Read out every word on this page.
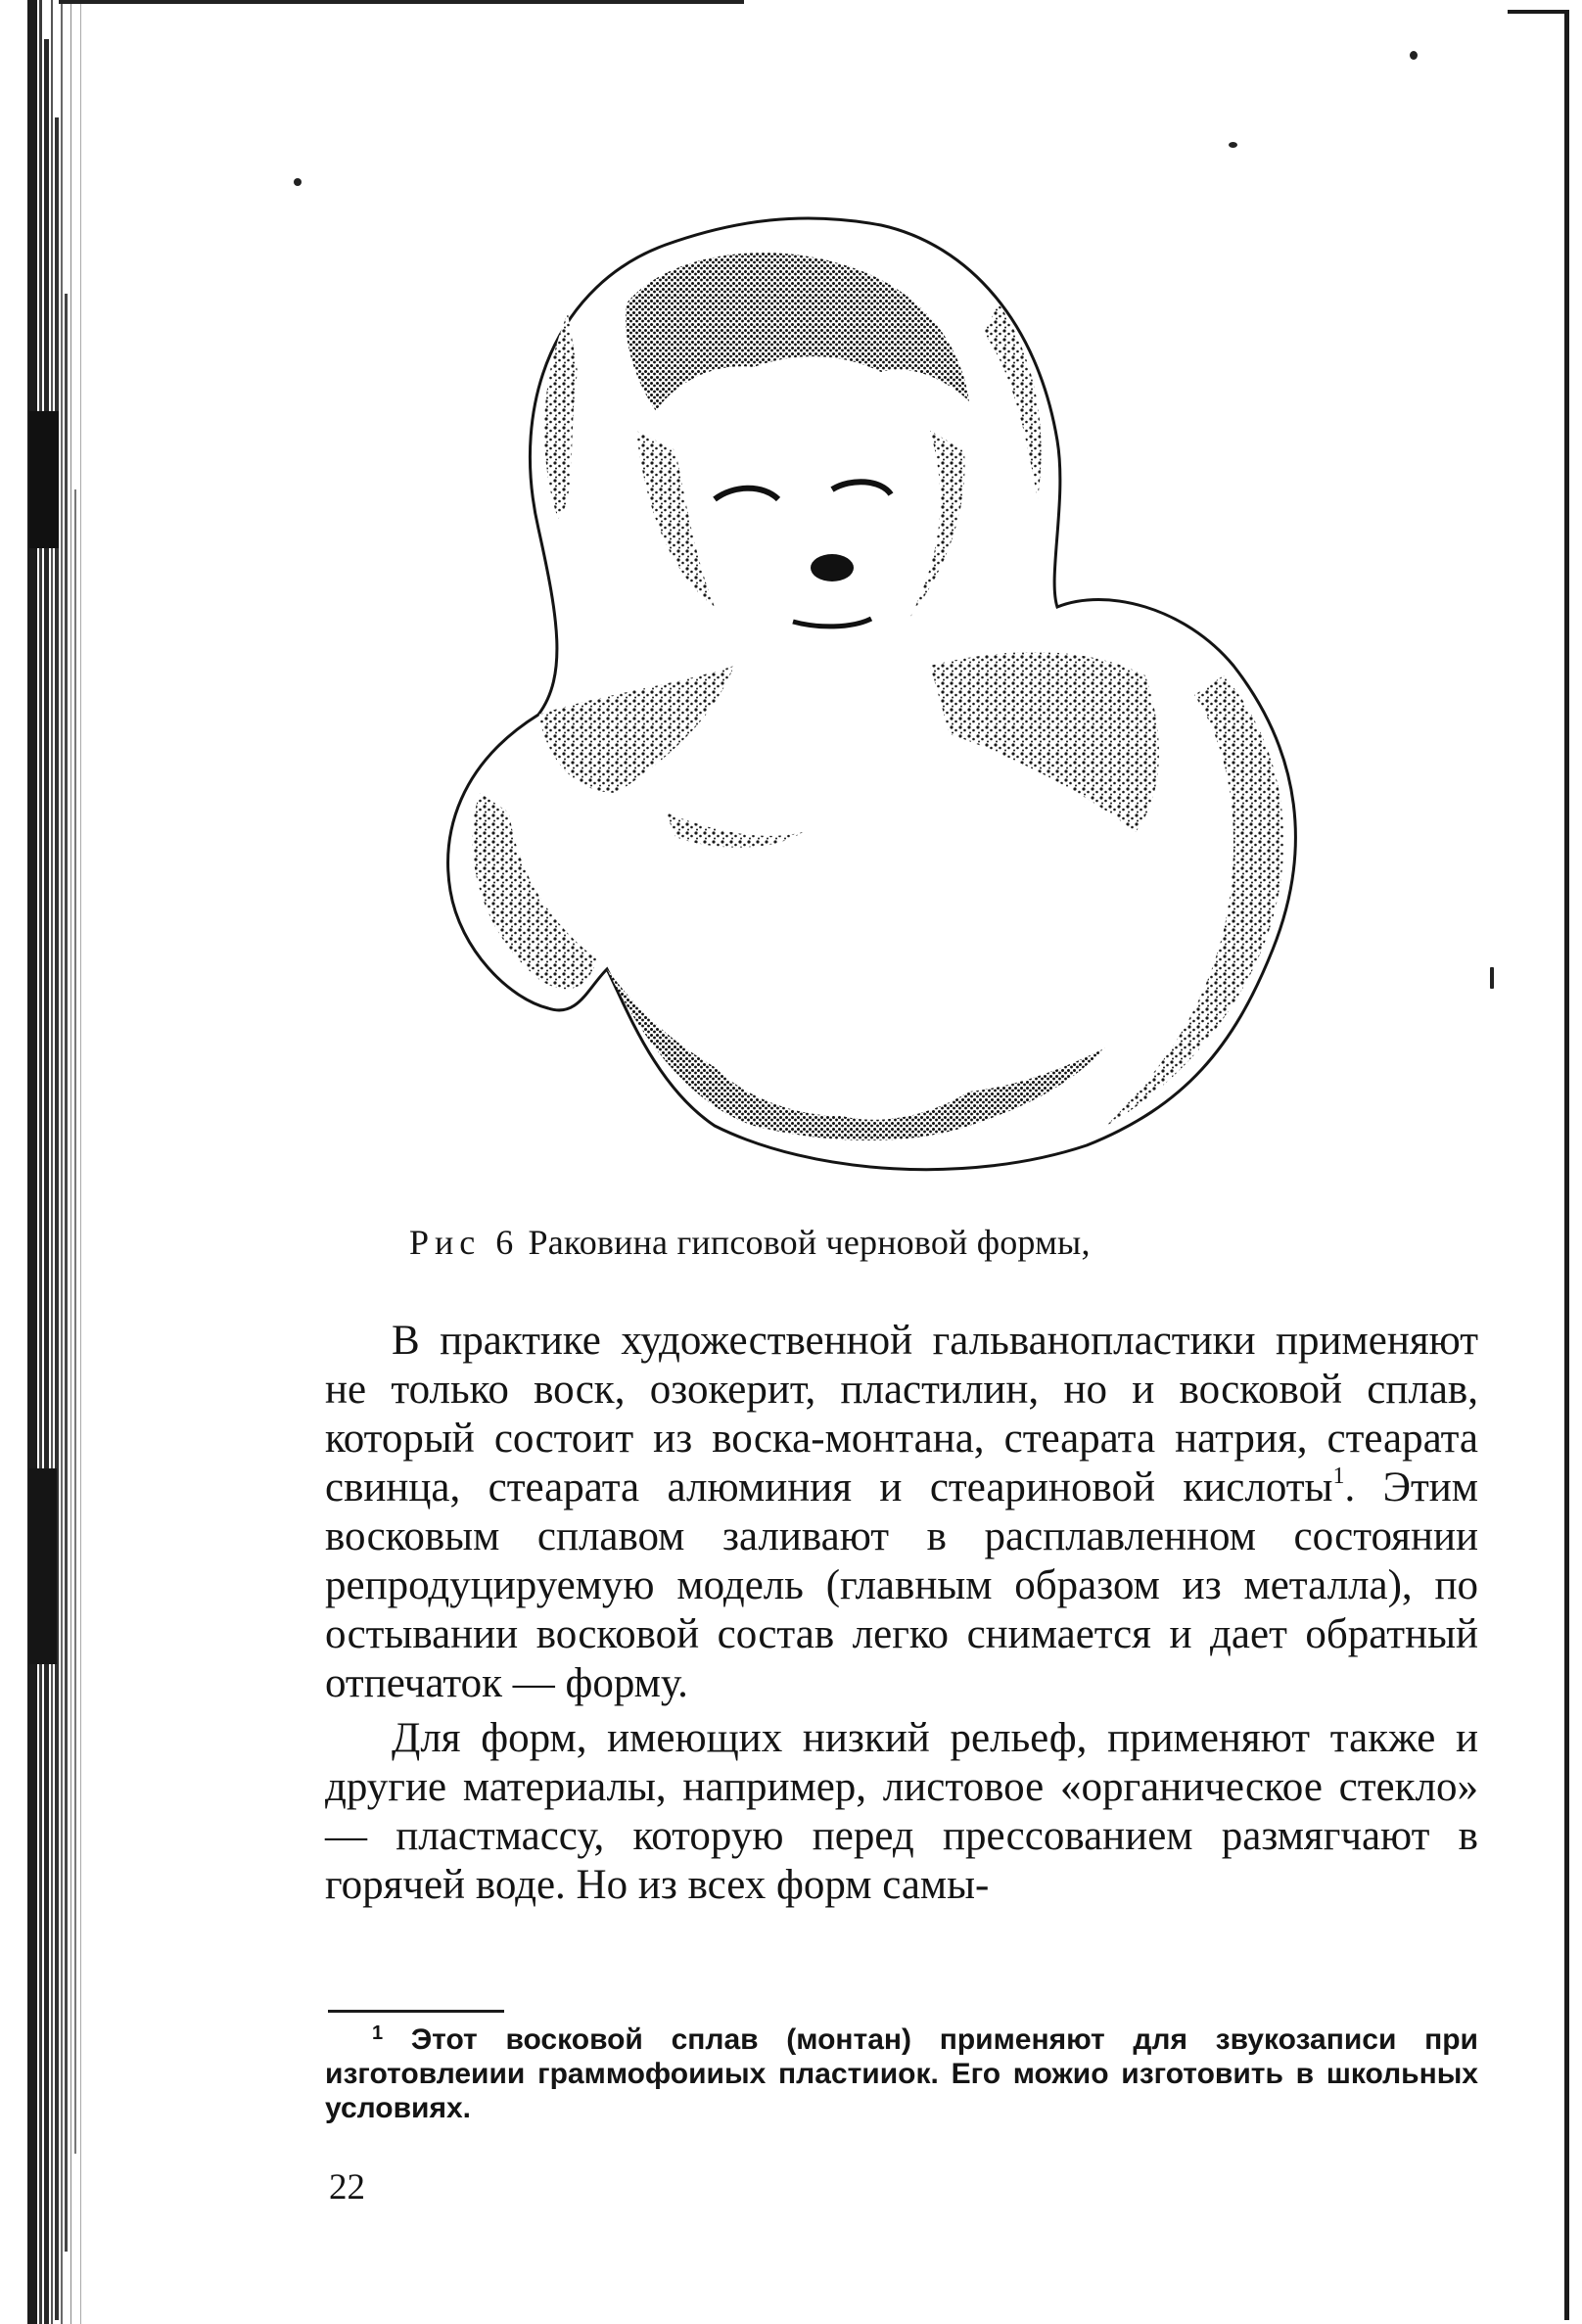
Рис 6 Раковина гипсовой черновой формы,

В практике художественной гальванопластики применяют не только воск, озокерит, пластилин, но и восковой сплав, который состоит из воска-монтана, стеарата натрия, стеарата свинца, стеарата алюминия и стеариновой кислоты$^1$. Этим восковым сплавом заливают в расплавленном состоянии репродуцируемую модель (главным образом из металла), по остывании восковой состав легко снимается и дает обратный отпечаток — форму.

Для форм, имеющих низкий рельеф, применяют также и другие материалы, например, листовое «органическое стекло» — пластмассу, которую перед прессованием размягчают в горячей воде. Но из всех форм самы-

$^1$ Этот восковой сплав (монтан) применяют для звукозаписи при изготовлеиии граммофоииых пластииок. Его можио изготовить в школьных условиях.

22
